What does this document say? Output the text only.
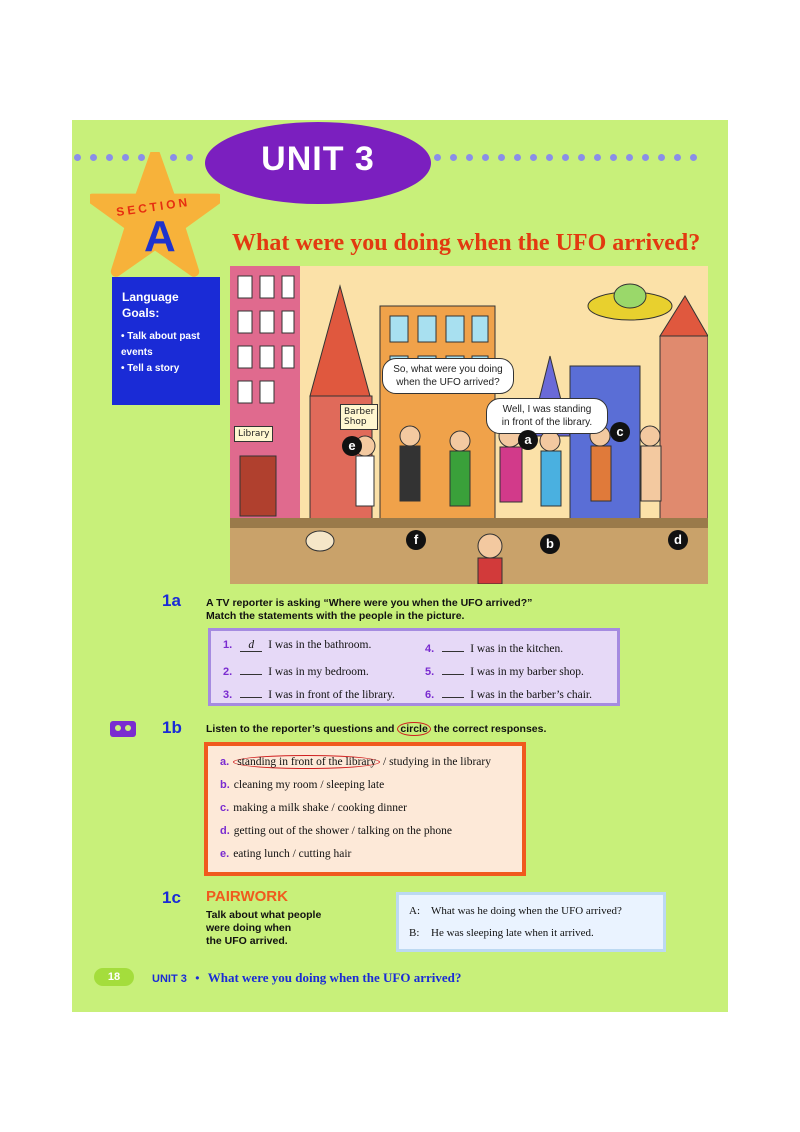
UNIT 3
SECTION
A What were you doing when the UFO arrived?
Language Goals:
• Talk about past events
• Tell a story	So, what were you doing
when the UFO arrived?
Well, I was standing
in front of the library.
Barber
Shop
Library	a
b
c
d
e
f
1a A TV reporter is asking “Where were you when the UFO arrived?”
Match the statements with the people in the picture.
1. d I was in the bathroom.
2.	I was in my bedroom.
3.	I was in front of the library.
4.	I was in the kitchen.
5.	I was in my barber shop.
6.	I was in the barber’s chair.
1b Listen to the reporter’s questions and circle the correct responses.
a. standing in front of the library / studying in the library
b. cleaning my room / sleeping late
c. making a milk shake / cooking dinner
d. getting out of the shower / talking on the phone
e. eating lunch / cutting hair
1c PAIRWORK
Talk about what people
were doing when
the UFO arrived.
A: What was he doing when the UFO arrived?
B: He was sleeping late when it arrived.
18	UNIT 3 • What were you doing when the UFO arrived?
